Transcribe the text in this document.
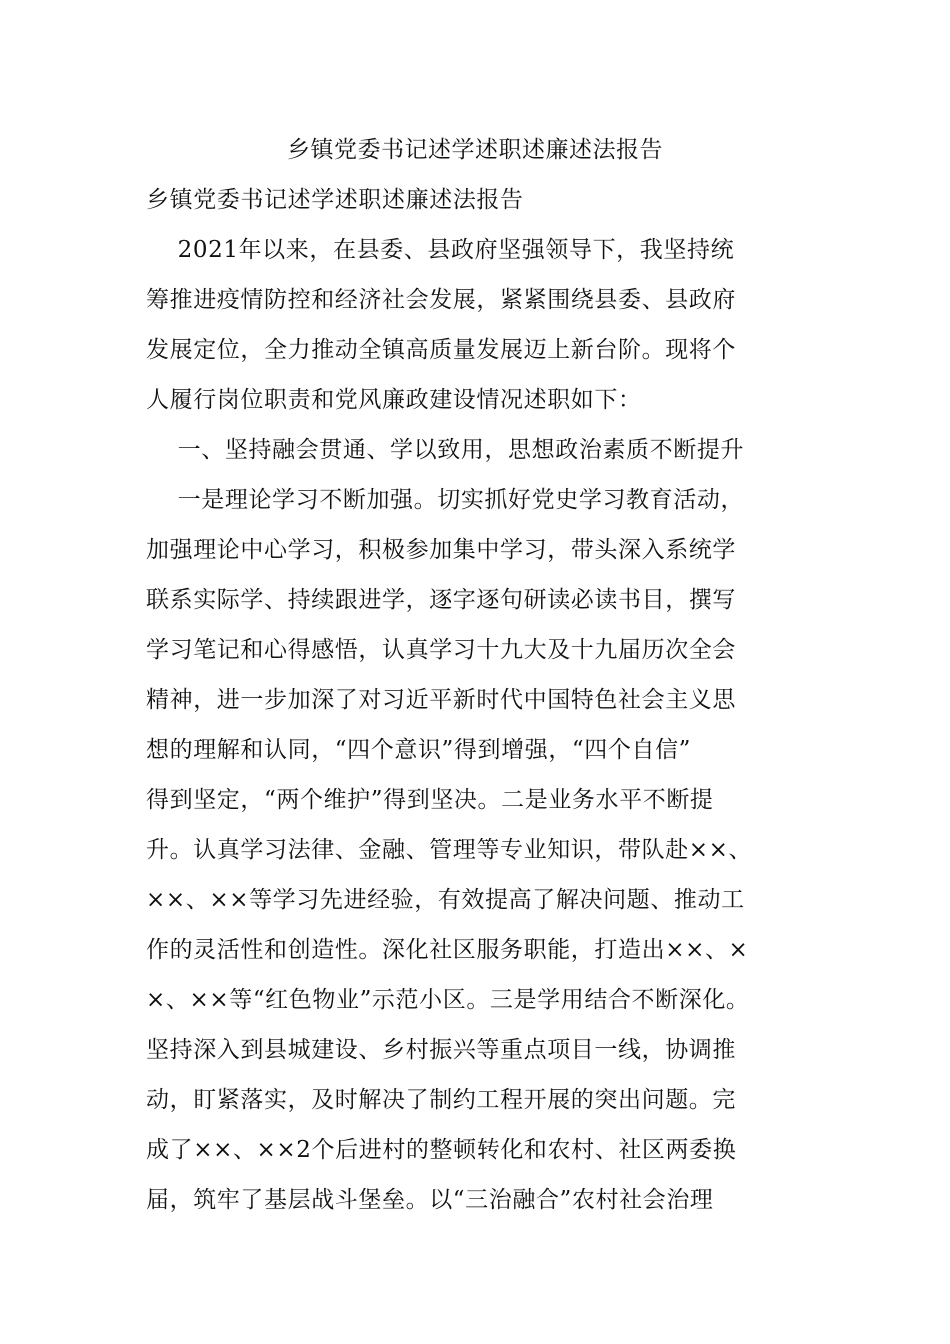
乡镇党委书记述学述职述廉述法报告
乡镇党委书记述学述职述廉述法报告
2021年以来，在县委、县政府坚强领导下，我坚持统
筹推进疫情防控和经济社会发展，紧紧围绕县委、县政府
发展定位，全力推动全镇高质量发展迈上新台阶。现将个
人履行岗位职责和党风廉政建设情况述职如下：
一、坚持融会贯通、学以致用，思想政治素质不断提升
一是理论学习不断加强。切实抓好党史学习教育活动，
加强理论中心学习，积极参加集中学习，带头深入系统学
联系实际学、持续跟进学，逐字逐句研读必读书目，撰写
学习笔记和心得感悟，认真学习十九大及十九届历次全会
精神，进一步加深了对习近平新时代中国特色社会主义思
想的理解和认同，“四个意识”得到增强，“四个自信”
得到坚定，“两个维护”得到坚决。二是业务水平不断提
升。认真学习法律、金融、管理等专业知识，带队赴××、
××、××等学习先进经验，有效提高了解决问题、推动工
作的灵活性和创造性。深化社区服务职能，打造出××、×
×、××等“红色物业”示范小区。三是学用结合不断深化。
坚持深入到县城建设、乡村振兴等重点项目一线，协调推
动，盯紧落实，及时解决了制约工程开展的突出问题。完
成了××、××2个后进村的整顿转化和农村、社区两委换
届，筑牢了基层战斗堡垒。以“三治融合”农村社会治理
